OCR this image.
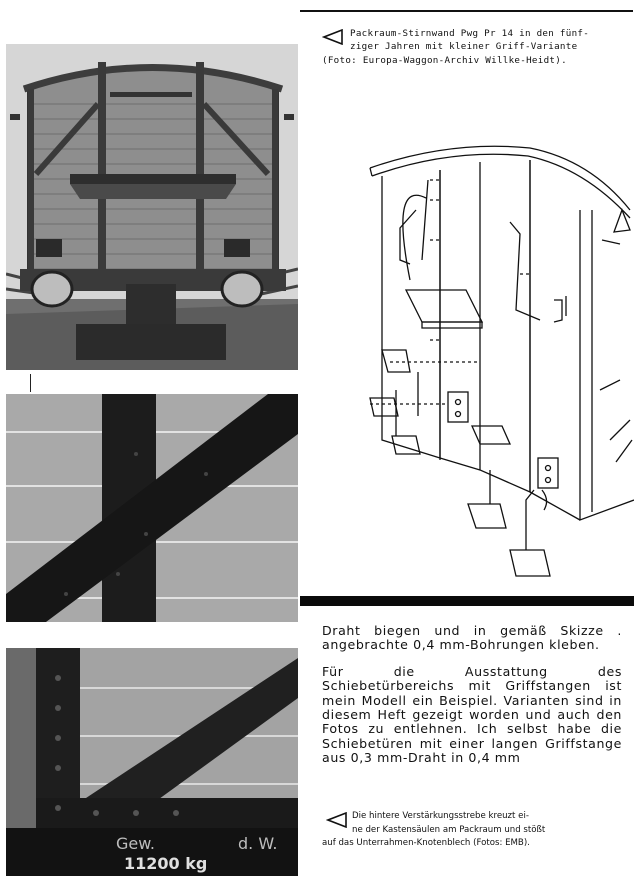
Packraum-Stirnwand Pwg Pr 14 in den fünf-

ziger Jahren mit kleiner Griff-Variante

(Foto: Europa-Waggon-Archiv Willke-Heidt).

Gew.	d. W.
11200 kg

Draht biegen und in gemäß Skizze . angebrachte 0,4 mm-Bohrungen kleben.

Für die Ausstattung des Schiebetürbereichs mit Griffstangen ist mein Modell ein Beispiel. Varianten sind in diesem Heft gezeigt worden und auch den Fotos zu entlehnen. Ich selbst habe die Schiebetüren mit einer langen Griffstange aus 0,3 mm-Draht in 0,4 mm

Die hintere Verstärkungsstrebe kreuzt ei-
ne der Kastensäulen am Packraum und stößt
auf das Unterrahmen-Knotenblech (Fotos: EMB).
